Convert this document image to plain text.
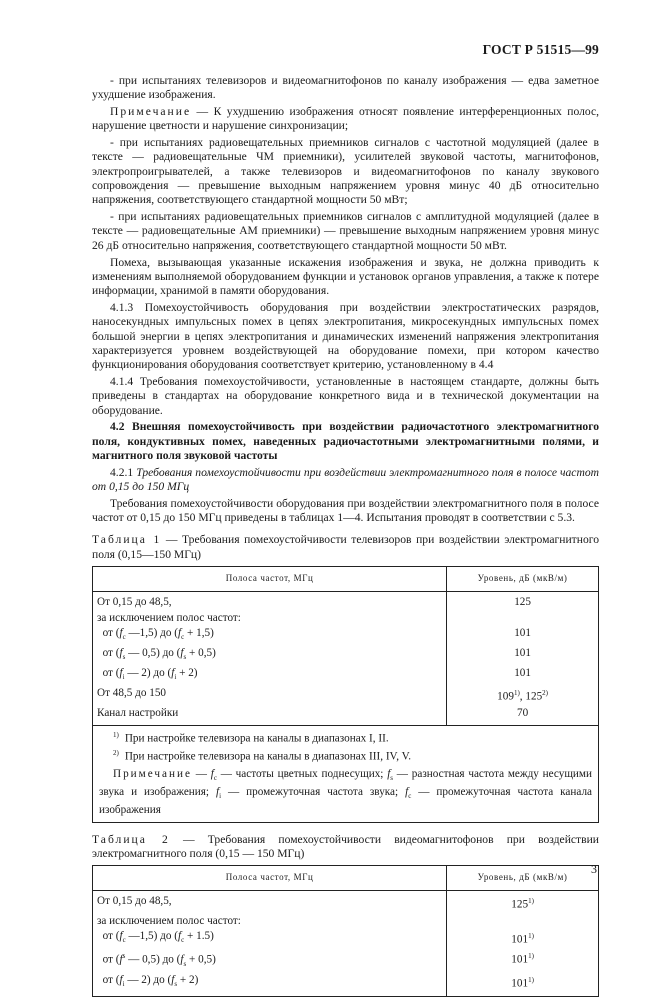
ГОСТ Р 51515—99

- при испытаниях телевизоров и видеомагнитофонов по каналу изображения — едва заметное ухудшение изображения.

Примечание — К ухудшению изображения относят появление интерференционных полос, нарушение цветности и нарушение синхронизации;

- при испытаниях радиовещательных приемников сигналов с частотной модуляцией (далее в тексте — радиовещательные ЧМ приемники), усилителей звуковой частоты, магнитофонов, электропроигрывателей, а также телевизоров и видеомагнитофонов по каналу звукового сопровождения — превышение выходным напряжением уровня минус 40 дБ относительно напряжения, соответствующего стандартной мощности 50 мВт;

- при испытаниях радиовещательных приемников сигналов с амплитудной модуляцией (далее в тексте — радиовещательные АМ приемники) — превышение выходным напряжением уровня минус 26 дБ относительно напряжения, соответствующего стандартной мощности 50 мВт.

Помеха, вызывающая указанные искажения изображения и звука, не должна приводить к изменениям выполняемой оборудованием функции и установок органов управления, а также к потере информации, хранимой в памяти оборудования.

4.1.3 Помехоустойчивость оборудования при воздействии электростатических разрядов, наносекундных импульсных помех в цепях электропитания, микросекундных импульсных помех большой энергии в цепях электропитания и динамических изменений напряжения электропитания характеризуется уровнем воздействующей на оборудование помехи, при котором качество функционирования оборудования соответствует критерию, установленному в 4.4

4.1.4 Требования помехоустойчивости, установленные в настоящем стандарте, должны быть приведены в стандартах на оборудование конкретного вида и в технической документации на оборудование.

4.2 Внешняя помехоустойчивость при воздействии радиочастотного электромагнитного поля, кондуктивных помех, наведенных радиочастотными электромагнитными полями, и магнитного поля звуковой частоты

4.2.1 Требования помехоустойчивости при воздействии электромагнитного поля в полосе частот от 0,15 до 150 МГц

Требования помехоустойчивости оборудования при воздействии электромагнитного поля в полосе частот от 0,15 до 150 МГц приведены в таблицах 1—4. Испытания проводят в соответствии с 5.3.

Таблица 1 — Требования помехоустойчивости телевизоров при воздействии электромагнитного поля (0,15—150 МГц)

Полоса частот, МГц	Уровень, дБ (мкВ/м)
От 0,15 до 48,5,	125
за исключением полос частот:	
от ($f_c$ —1,5) до $(f_c + 1,5)$	101
от ($f_s$ — 0,5) до $(f_s + 0,5)$	101
от ($f_i$ — 2) до $(f_i + 2)$	101
От 48,5 до 150	109$^{1)}$, 125$^{2)}$
Канал настройки	70

$^{1)}$ При настройке телевизора на каналы в диапазонах I, II.
$^{2)}$ При настройке телевизора на каналы в диапазонах III, IV, V.
Примечание — $f_c$ — частоты цветных поднесущих; $f_s$ — разностная частота между несущими звука и изображения; $f_i$ — промежуточная частота звука; $f_c$ — промежуточная частота канала изображения	

Таблица 2 — Требования помехоустойчивости видеомагнитофонов при воздействии электромагнитного поля (0,15 — 150 МГц)

Полоса частот, МГц	Уровень, дБ (мкВ/м)
От 0,15 до 48,5,	125$^{1)}$
за исключением полос частот:	
от ($f_c$ —1,5) до $(f_c + 1.5)$	101$^{1)}$
от ($f^s$ — 0,5) до $(f_s + 0,5)$	101$^{1)}$
от ($f_i$ — 2) до $(f_s + 2)$	101$^{1)}$
3
